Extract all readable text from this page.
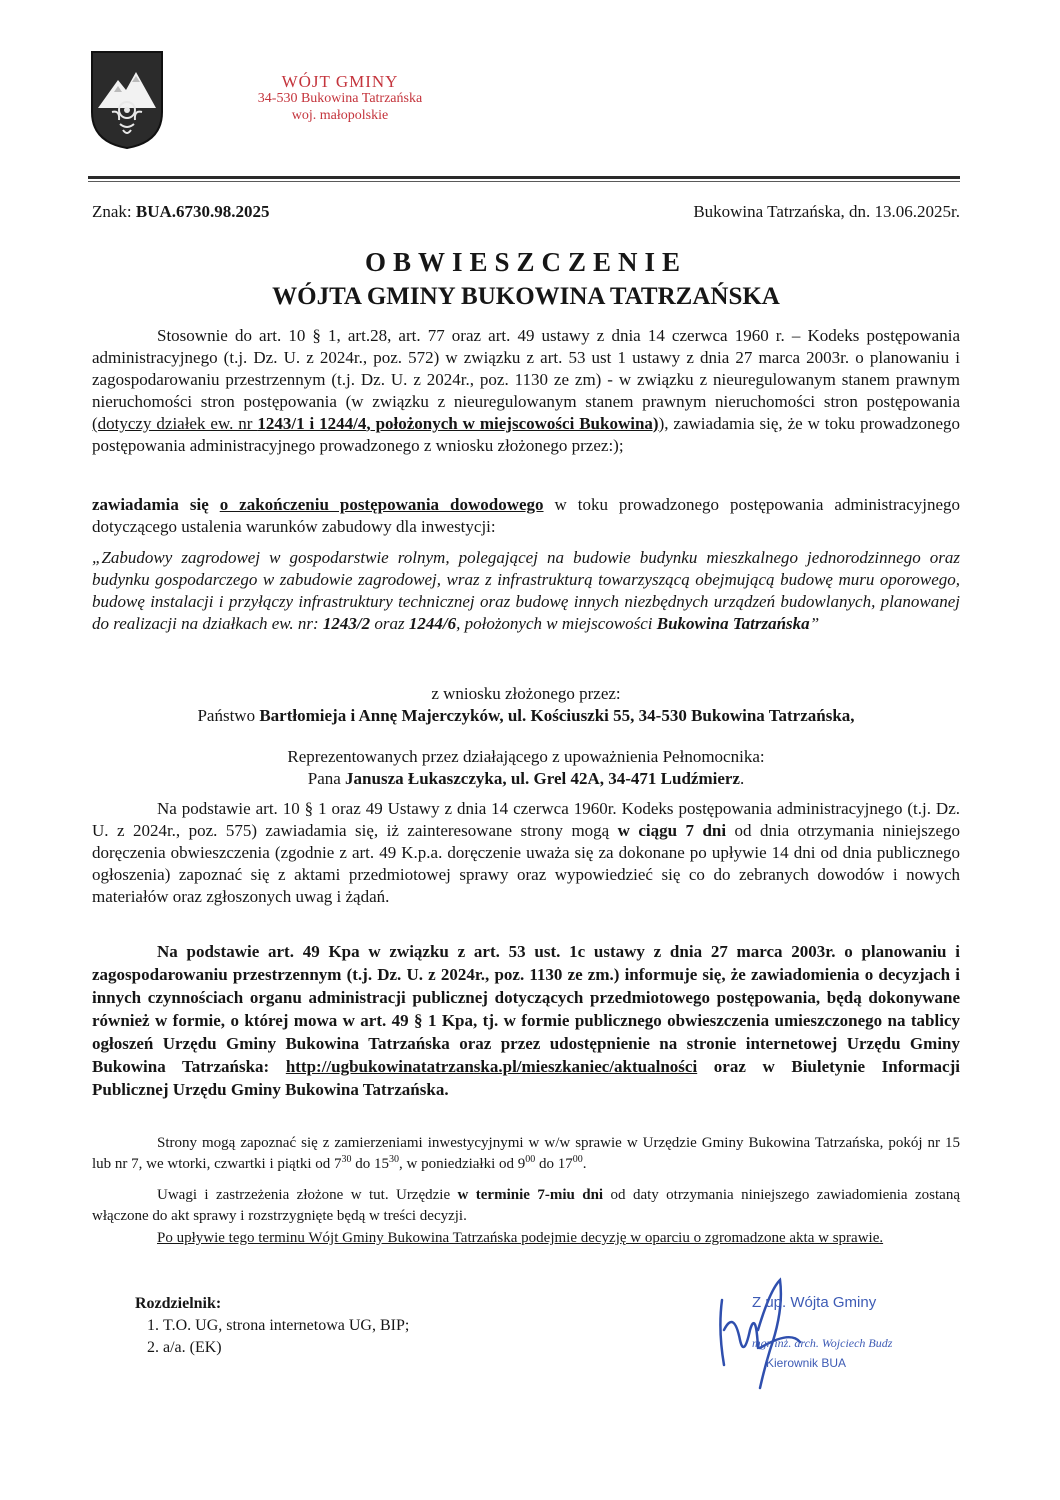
WÓJT GMINY
34-530 Bukowina Tatrzańska
woj. małopolskie
Znak: BUA.6730.98.2025	Bukowina Tatrzańska, dn. 13.06.2025r.
OBWIESZCZENIE
WÓJTA GMINY BUKOWINA TATRZAŃSKA
Stosownie do art. 10 § 1, art.28, art. 77 oraz art. 49 ustawy z dnia 14 czerwca 1960 r. – Kodeks postępowania administracyjnego (t.j. Dz. U. z 2024r., poz. 572) w związku z art. 53 ust 1 ustawy z dnia 27 marca 2003r. o planowaniu i zagospodarowaniu przestrzennym (t.j. Dz. U. z 2024r., poz. 1130 ze zm) - w związku z nieuregulowanym stanem prawnym nieruchomości stron postępowania (w związku z nieuregulowanym stanem prawnym nieruchomości stron postępowania (dotyczy działek ew. nr 1243/1 i 1244/4, położonych w miejscowości Bukowina)), zawiadamia się, że w toku prowadzonego postępowania administracyjnego prowadzonego z wniosku złożonego przez:);
zawiadamia się o zakończeniu postępowania dowodowego w toku prowadzonego postępowania administracyjnego dotyczącego ustalenia warunków zabudowy dla inwestycji:
„Zabudowy zagrodowej w gospodarstwie rolnym, polegającej na budowie budynku mieszkalnego jednorodzinnego oraz budynku gospodarczego w zabudowie zagrodowej, wraz z infrastrukturą towarzyszącą obejmującą budowę muru oporowego, budowę instalacji i przyłączy infrastruktury technicznej oraz budowę innych niezbędnych urządzeń budowlanych, planowanej do realizacji na działkach ew. nr: 1243/2 oraz 1244/6, położonych w miejscowości Bukowina Tatrzańska”
z wniosku złożonego przez:
Państwo Bartłomieja i Annę Majerczyków, ul. Kościuszki 55, 34-530 Bukowina Tatrzańska,
Reprezentowanych przez działającego z upoważnienia Pełnomocnika:
Pana Janusza Łukaszczyka, ul. Grel 42A, 34-471 Ludźmierz.
Na podstawie art. 10 § 1 oraz 49 Ustawy z dnia 14 czerwca 1960r. Kodeks postępowania administracyjnego (t.j. Dz. U. z 2024r., poz. 575) zawiadamia się, iż zainteresowane strony mogą w ciągu 7 dni od dnia otrzymania niniejszego doręczenia obwieszczenia (zgodnie z art. 49 K.p.a. doręczenie uważa się za dokonane po upływie 14 dni od dnia publicznego ogłoszenia) zapoznać się z aktami przedmiotowej sprawy oraz wypowiedzieć się co do zebranych dowodów i nowych materiałów oraz zgłoszonych uwag i żądań.
Na podstawie art. 49 Kpa w związku z art. 53 ust. 1c ustawy z dnia 27 marca 2003r. o planowaniu i zagospodarowaniu przestrzennym (t.j. Dz. U. z 2024r., poz. 1130 ze zm.) informuje się, że zawiadomienia o decyzjach i innych czynnościach organu administracji publicznej dotyczących przedmiotowego postępowania, będą dokonywane również w formie, o której mowa w art. 49 § 1 Kpa, tj. w formie publicznego obwieszczenia umieszczonego na tablicy ogłoszeń Urzędu Gminy Bukowina Tatrzańska oraz przez udostępnienie na stronie internetowej Urzędu Gminy Bukowina Tatrzańska: http://ugbukowinatatrzanska.pl/mieszkaniec/aktualności oraz w Biuletynie Informacji Publicznej Urzędu Gminy Bukowina Tatrzańska.
Strony mogą zapoznać się z zamierzeniami inwestycyjnymi w w/w sprawie w Urzędzie Gminy Bukowina Tatrzańska, pokój nr 15 lub nr 7, we wtorki, czwartki i piątki od $7^{30}$ do $15^{30}$, w poniedziałki od $9^{00}$ do $17^{00}$.
Uwagi i zastrzeżenia złożone w tut. Urzędzie w terminie 7-miu dni od daty otrzymania niniejszego zawiadomienia zostaną włączone do akt sprawy i rozstrzygnięte będą w treści decyzji.
Po upływie tego terminu Wójt Gminy Bukowina Tatrzańska podejmie decyzję w oparciu o zgromadzone akta w sprawie.
Rozdzielnik:
1. T.O. UG, strona internetowa UG, BIP;
2. a/a. (EK)
Z up. Wójta Gminy
mgr inż. arch. Wojciech Budz
Kierownik BUA
